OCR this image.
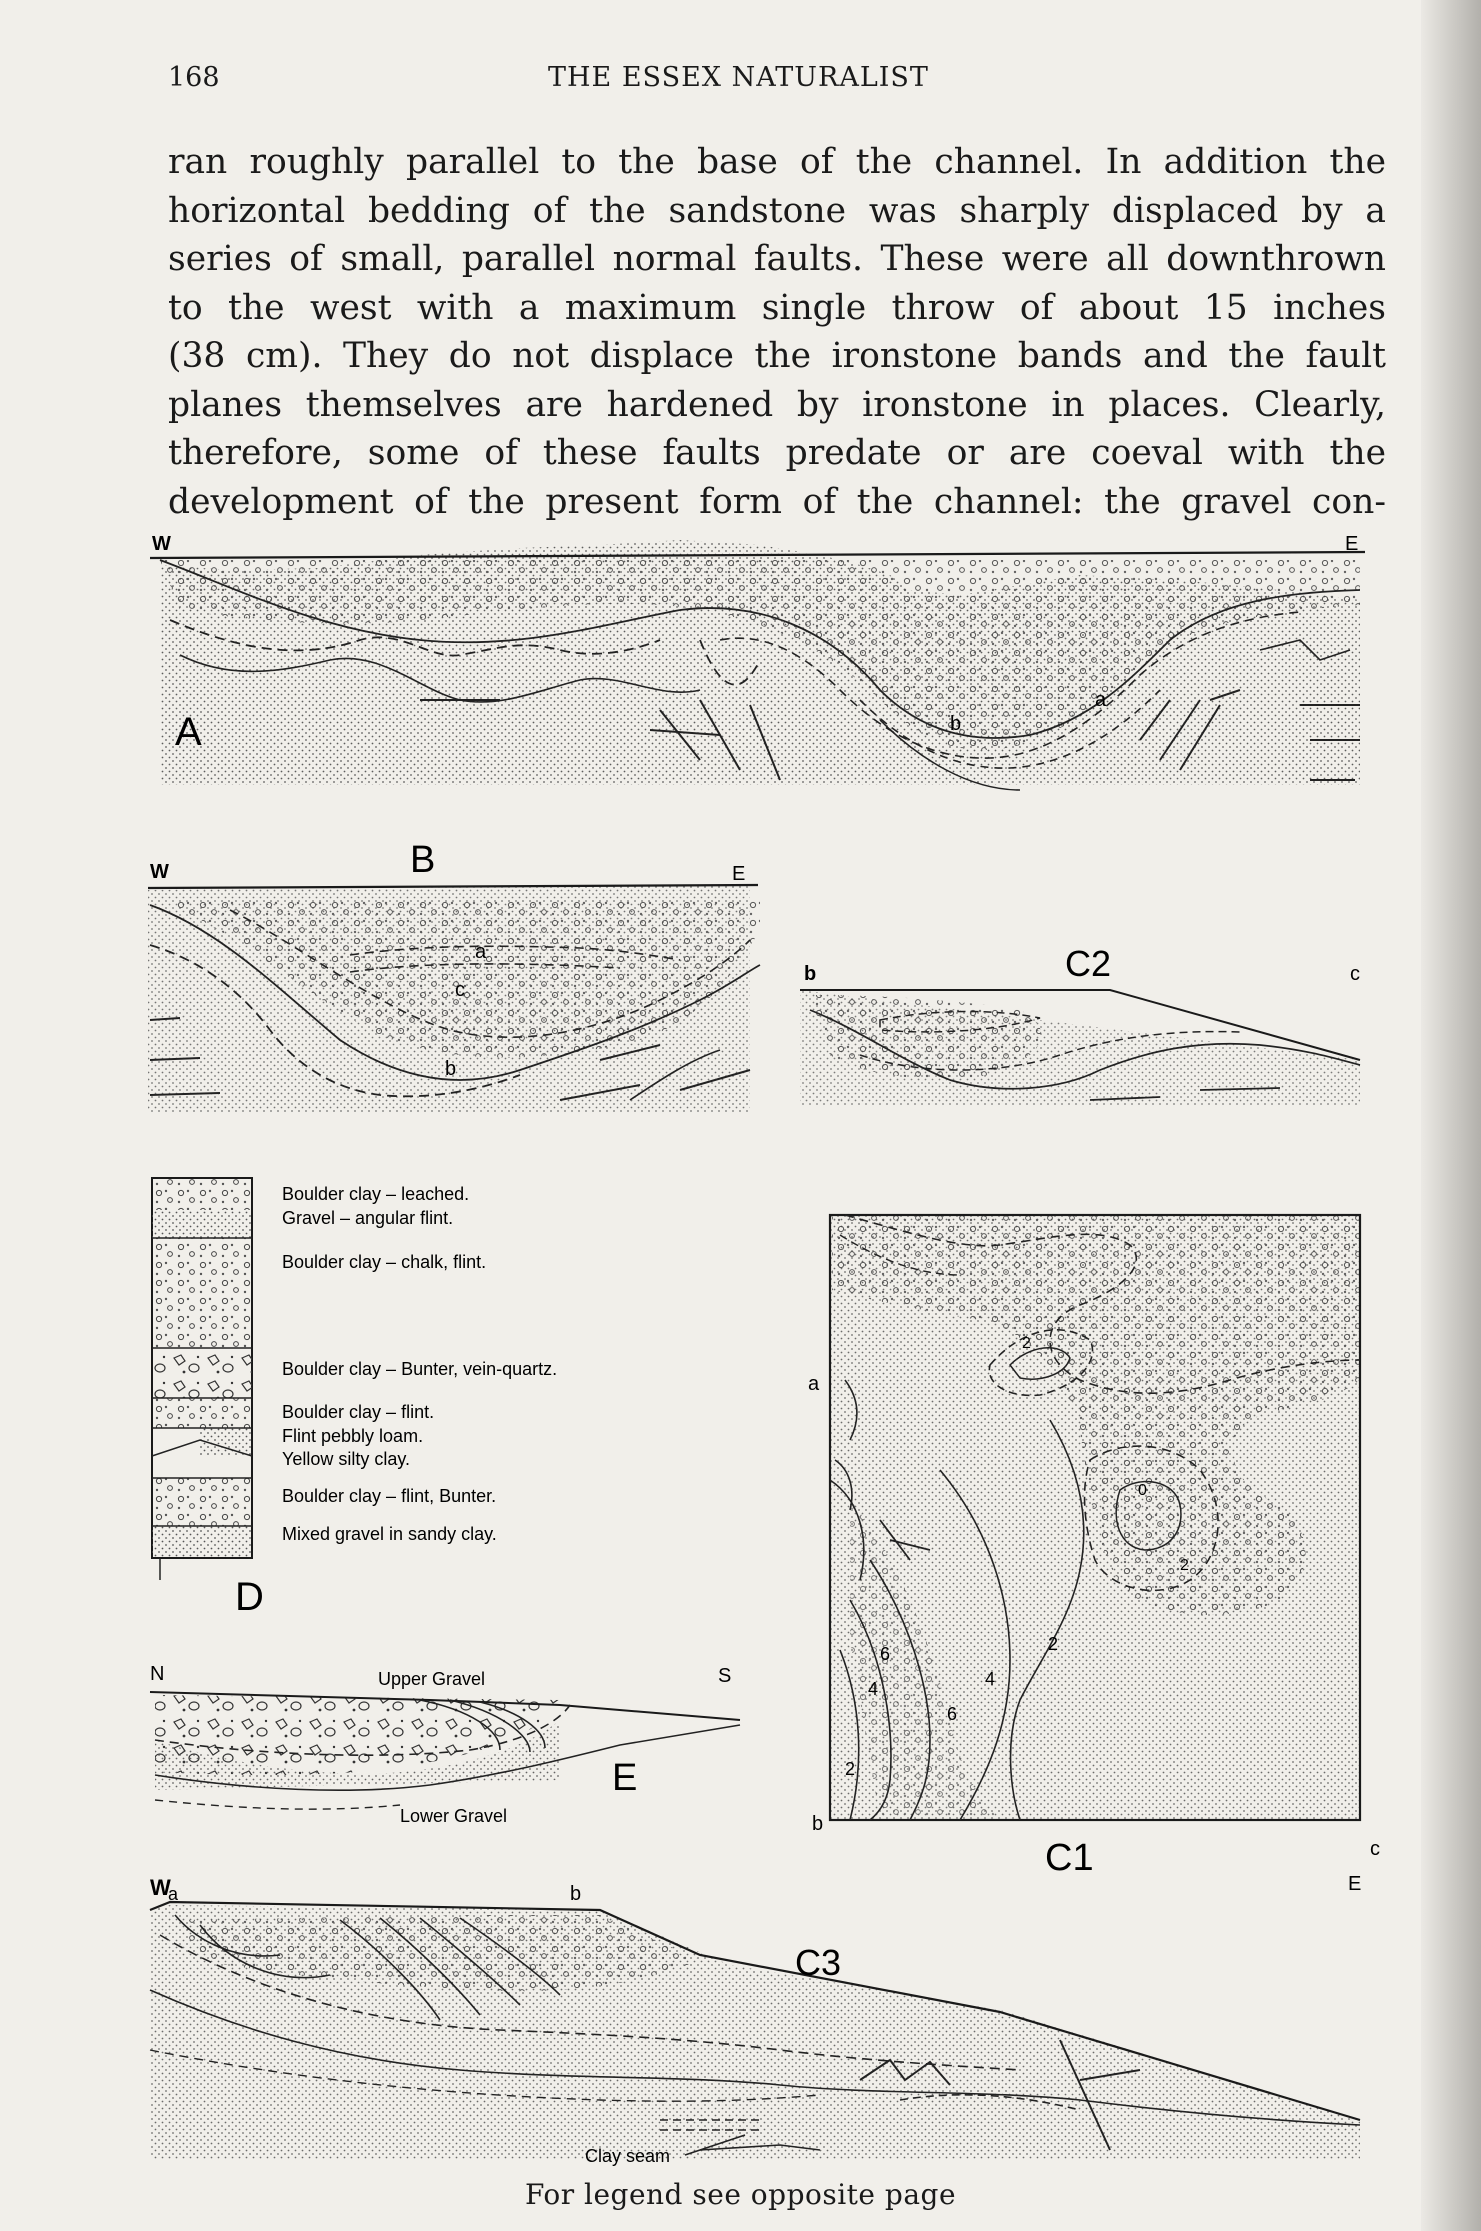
168	THE ESSEX NATURALIST

ran roughly parallel to the base of the channel. In addition the
horizontal bedding of the sandstone was sharply displaced by a
series of small, parallel normal faults. These were all downthrown
to the west with a maximum single throw of about 15 inches
(38 cm). They do not displace the ironstone bands and the fault
planes themselves are hardened by ironstone in places. Clearly,
therefore, some of these faults predate or are coeval with the
development of the present form of the channel: the gravel con-

W	E
A
a
b
W	B	E
a
c
b
b	C2	c
Boulder clay – leached.
Gravel – angular flint.
Boulder clay – chalk, flint.
Boulder clay – Bunter, vein-quartz.
Boulder clay – flint.
Flint pebbly loam.
Yellow silty clay.
Boulder clay – flint, Bunter.
Mixed gravel in sandy clay.
D
N	Upper Gravel	S
E
Lower Gravel
2
0
2
6
4
2
4
6
2
a
b
c
C1
W
a	b
C3
E
Clay seam
For legend see opposite page
